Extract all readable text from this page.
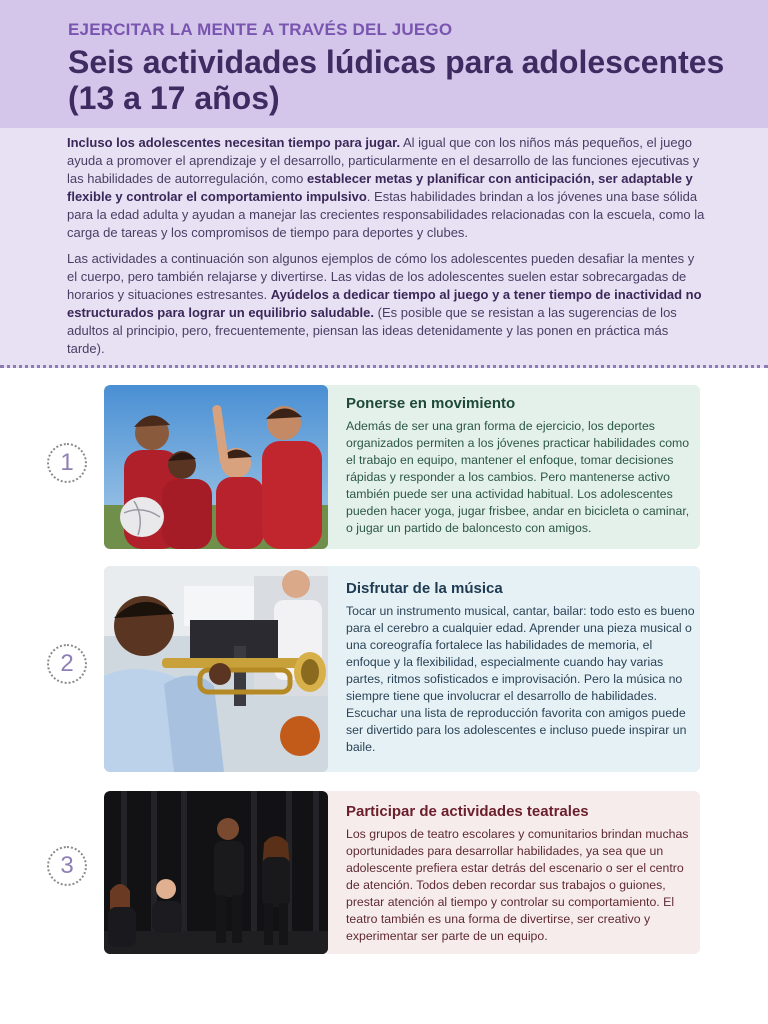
EJERCITAR LA MENTE A TRAVÉS DEL JUEGO
Seis actividades lúdicas para adolescentes (13 a 17 años)

Incluso los adolescentes necesitan tiempo para jugar. Al igual que con los niños más pequeños, el juego ayuda a promover el aprendizaje y el desarrollo, particularmente en el desarrollo de las funciones ejecutivas y las habilidades de autorregulación, como establecer metas y planificar con anticipación, ser adaptable y flexible y controlar el comportamiento impulsivo. Estas habilidades brindan a los jóvenes una base sólida para la edad adulta y ayudan a manejar las crecientes responsabilidades relacionadas con la escuela, como la carga de tareas y los compromisos de tiempo para deportes y clubes.

Las actividades a continuación son algunos ejemplos de cómo los adolescentes pueden desafiar la mentes y el cuerpo, pero también relajarse y divertirse. Las vidas de los adolescentes suelen estar sobrecargadas de horarios y situaciones estresantes. Ayúdelos a dedicar tiempo al juego y a tener tiempo de inactividad no estructurados para lograr un equilibrio saludable. (Es posible que se resistan a las sugerencias de los adultos al principio, pero, frecuentemente, piensan las ideas detenidamente y las ponen en práctica más tarde).

1
Ponerse en movimiento
Además de ser una gran forma de ejercicio, los deportes organizados permiten a los jóvenes practicar habilidades como el trabajo en equipo, mantener el enfoque, tomar decisiones rápidas y responder a los cambios. Pero mantenerse activo también puede ser una actividad habitual. Los adolescentes pueden hacer yoga, jugar frisbee, andar en bicicleta o caminar, o jugar un partido de baloncesto con amigos.
2
Disfrutar de la música
Tocar un instrumento musical, cantar, bailar: todo esto es bueno para el cerebro a cualquier edad. Aprender una pieza musical o una coreografía fortalece las habilidades de memoria, el enfoque y la flexibilidad, especialmente cuando hay varias partes, ritmos sofisticados e improvisación. Pero la música no siempre tiene que involucrar el desarrollo de habilidades. Escuchar una lista de reproducción favorita con amigos puede ser divertido para los adolescentes e incluso puede inspirar un baile.
3
Participar de actividades teatrales
Los grupos de teatro escolares y comunitarios brindan muchas oportunidades para desarrollar habilidades, ya sea que un adolescente prefiera estar detrás del escenario o ser el centro de atención. Todos deben recordar sus trabajos o guiones, prestar atención al tiempo y controlar su comportamiento. El teatro también es una forma de divertirse, ser creativo y experimentar ser parte de un equipo.
